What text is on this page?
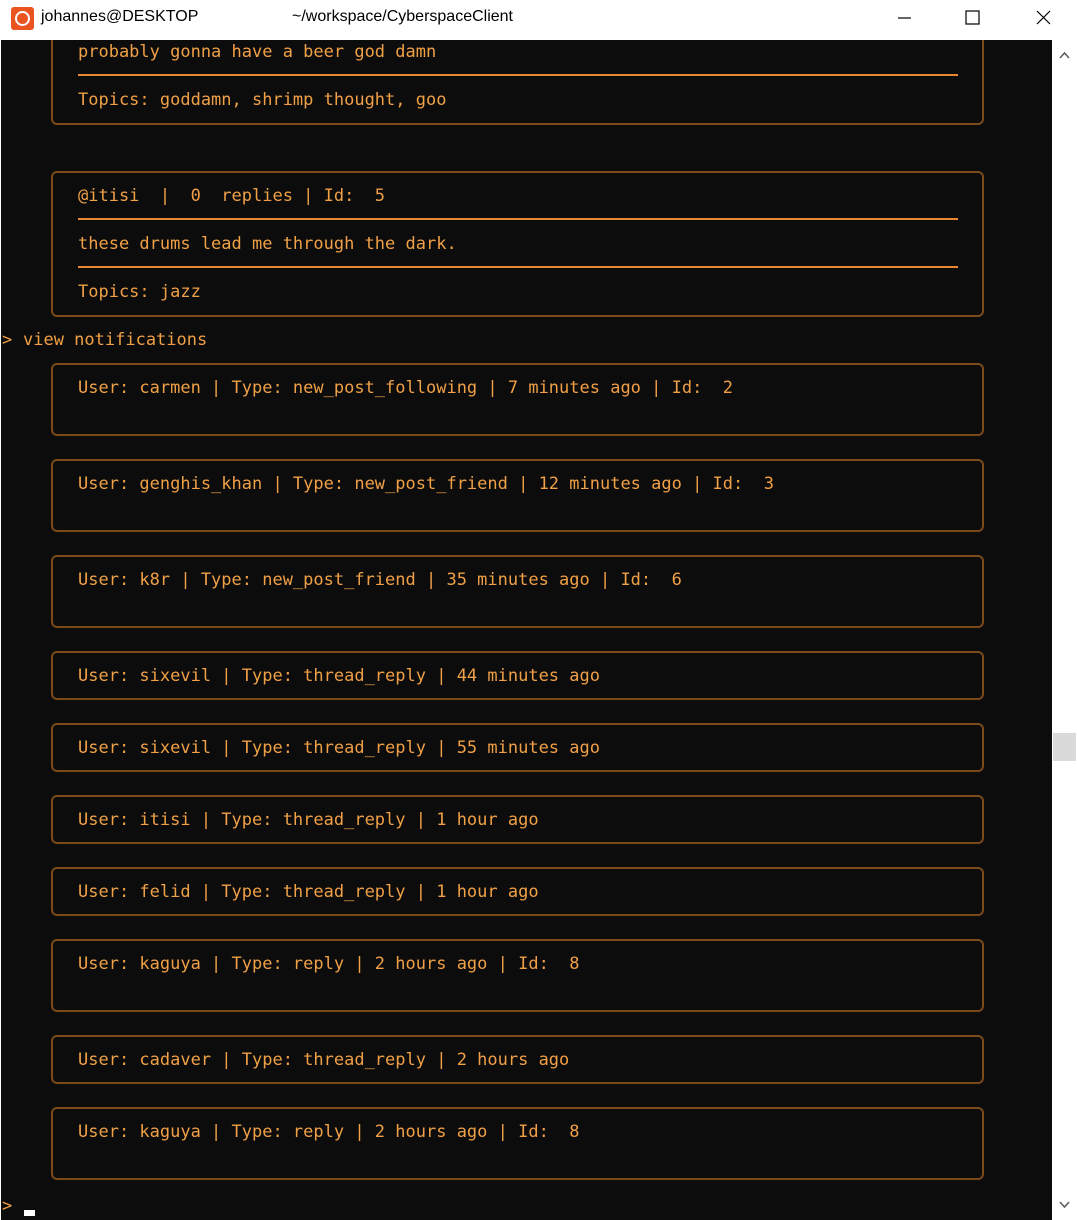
johannes@DESKTOP	~/workspace/CyberspaceClient
probably gonna have a beer god damn
Topics: goddamn, shrimp thought, goo
@itisi  |  0  replies | Id:  5
these drums lead me through the dark.
Topics: jazz
> view notifications
User: carmen | Type: new_post_following | 7 minutes ago | Id:  2
User: genghis_khan | Type: new_post_friend | 12 minutes ago | Id:  3
User: k8r | Type: new_post_friend | 35 minutes ago | Id:  6
User: sixevil | Type: thread_reply | 44 minutes ago
User: sixevil | Type: thread_reply | 55 minutes ago
User: itisi | Type: thread_reply | 1 hour ago
User: felid | Type: thread_reply | 1 hour ago
User: kaguya | Type: reply | 2 hours ago | Id:  8
User: cadaver | Type: thread_reply | 2 hours ago
User: kaguya | Type: reply | 2 hours ago | Id:  8
>
